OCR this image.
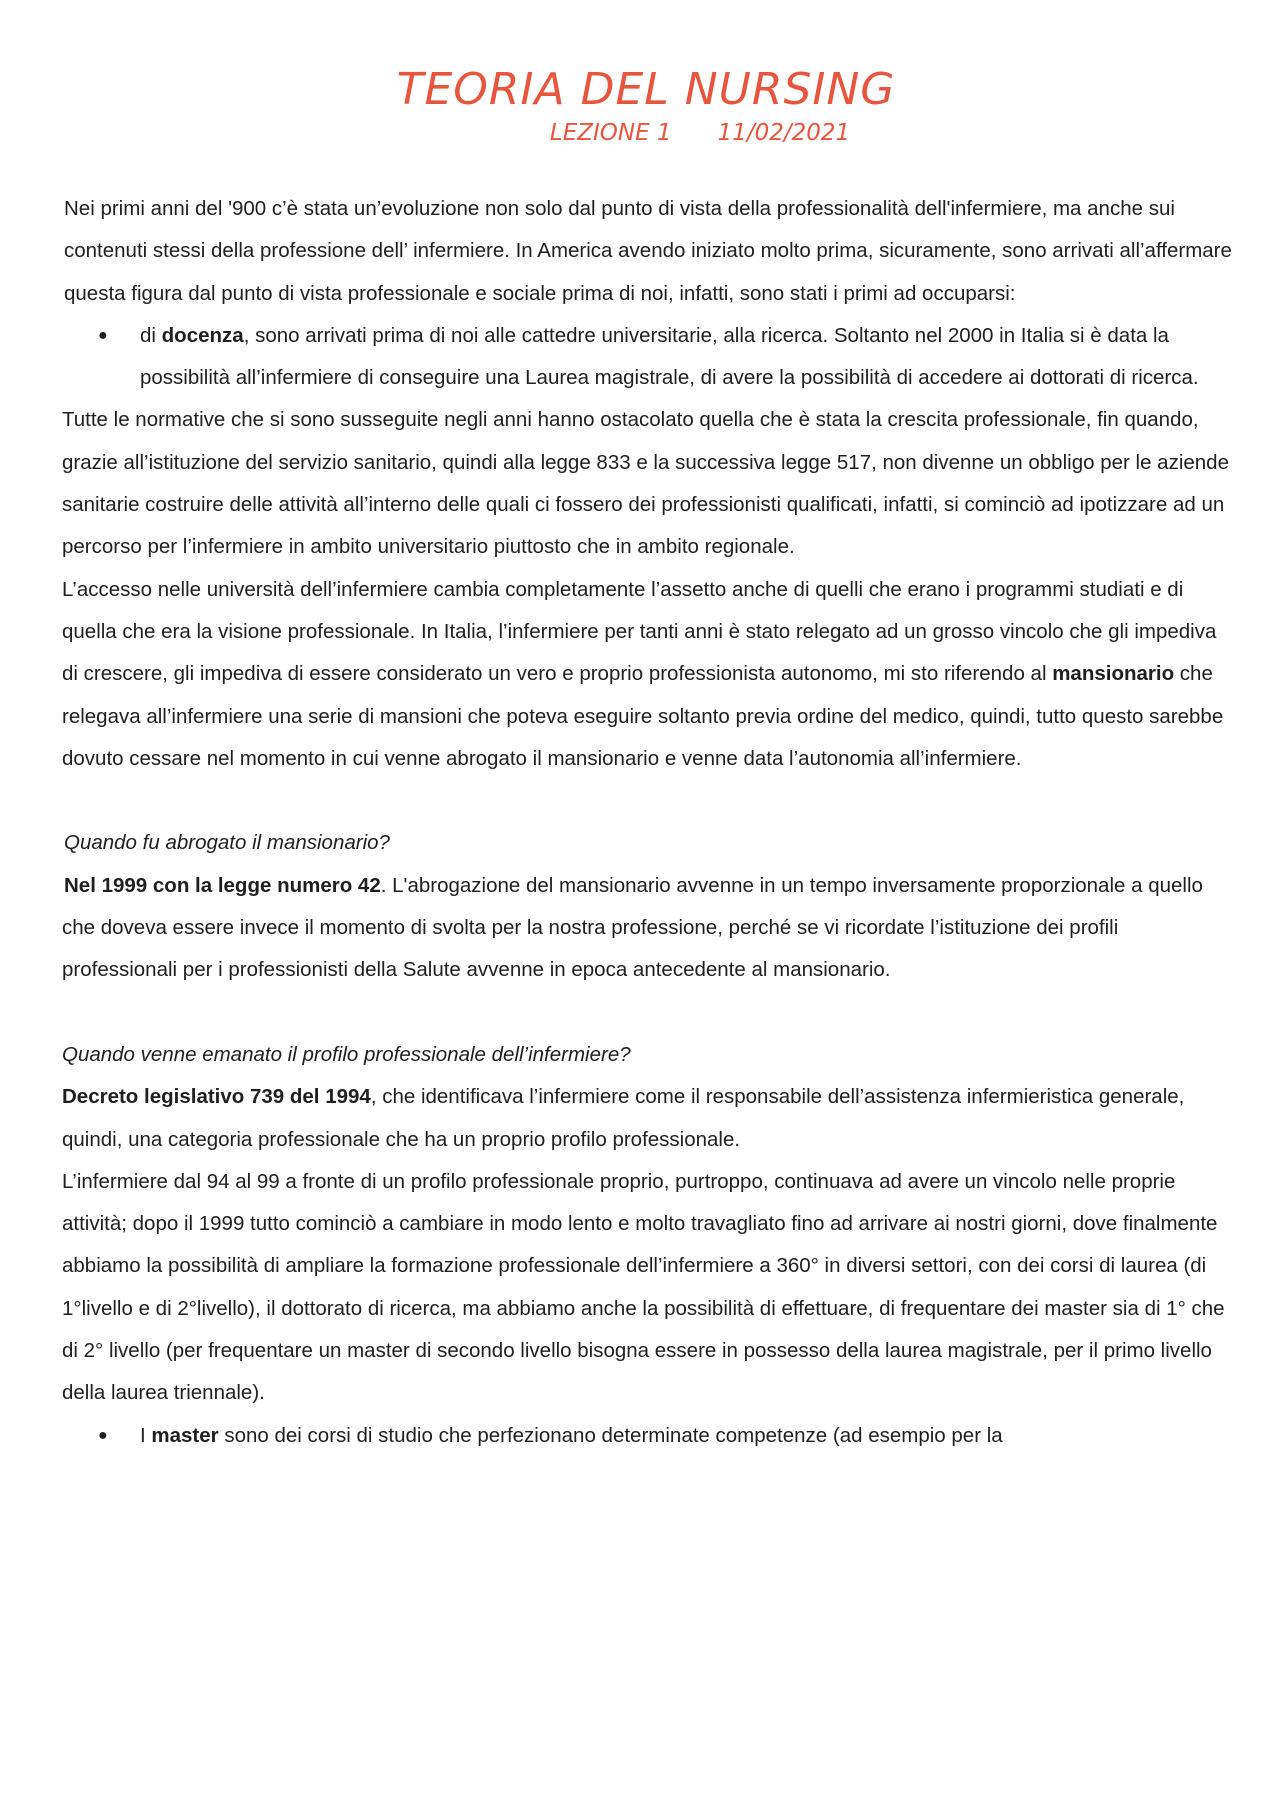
TEORIA DEL NURSING
LEZIONE 1 11/02/2021

Nei primi anni del '900 c’è stata un’evoluzione non solo dal punto di vista della professionalità dell'infermiere, ma anche sui contenuti stessi della professione dell’ infermiere. In America avendo iniziato molto prima, sicuramente, sono arrivati all’affermare questa figura dal punto di vista professionale e sociale prima di noi, infatti, sono stati i primi ad occuparsi:

● di docenza, sono arrivati prima di noi alle cattedre universitarie, alla ricerca. Soltanto nel 2000 in Italia si è data la possibilità all’infermiere di conseguire una Laurea magistrale, di avere la possibilità di accedere ai dottorati di ricerca.

Tutte le normative che si sono susseguite negli anni hanno ostacolato quella che è stata la crescita professionale, fin quando, grazie all’istituzione del servizio sanitario, quindi alla legge 833 e la successiva legge 517, non divenne un obbligo per le aziende sanitarie costruire delle attività all’interno delle quali ci fossero dei professionisti qualificati, infatti, si cominciò ad ipotizzare ad un percorso per l’infermiere in ambito universitario piuttosto che in ambito regionale.

L’accesso nelle università dell’infermiere cambia completamente l’assetto anche di quelli che erano i programmi studiati e di quella che era la visione professionale. In Italia, l’infermiere per tanti anni è stato relegato ad un grosso vincolo che gli impediva di crescere, gli impediva di essere considerato un vero e proprio professionista autonomo, mi sto riferendo al mansionario che relegava all’infermiere una serie di mansioni che poteva eseguire soltanto previa ordine del medico, quindi, tutto questo sarebbe dovuto cessare nel momento in cui venne abrogato il mansionario e venne data l’autonomia all’infermiere.

Quando fu abrogato il mansionario?

Nel 1999 con la legge numero 42. L'abrogazione del mansionario avvenne in un tempo inversamente proporzionale a quello che doveva essere invece il momento di svolta per la nostra professione, perché se vi ricordate l’istituzione dei profili professionali per i professionisti della Salute avvenne in epoca antecedente al mansionario.

Quando venne emanato il profilo professionale dell’infermiere?

Decreto legislativo 739 del 1994, che identificava l’infermiere come il responsabile dell’assistenza infermieristica generale, quindi, una categoria professionale che ha un proprio profilo professionale.

L’infermiere dal 94 al 99 a fronte di un profilo professionale proprio, purtroppo, continuava ad avere un vincolo nelle proprie attività; dopo il 1999 tutto cominciò a cambiare in modo lento e molto travagliato fino ad arrivare ai nostri giorni, dove finalmente abbiamo la possibilità di ampliare la formazione professionale dell’infermiere a 360° in diversi settori, con dei corsi di laurea (di 1°livello e di 2°livello), il dottorato di ricerca, ma abbiamo anche la possibilità di effettuare, di frequentare dei master sia di 1° che di 2° livello (per frequentare un master di secondo livello bisogna essere in possesso della laurea magistrale, per il primo livello della laurea triennale).

● I master sono dei corsi di studio che perfezionano determinate competenze (ad esempio per la
